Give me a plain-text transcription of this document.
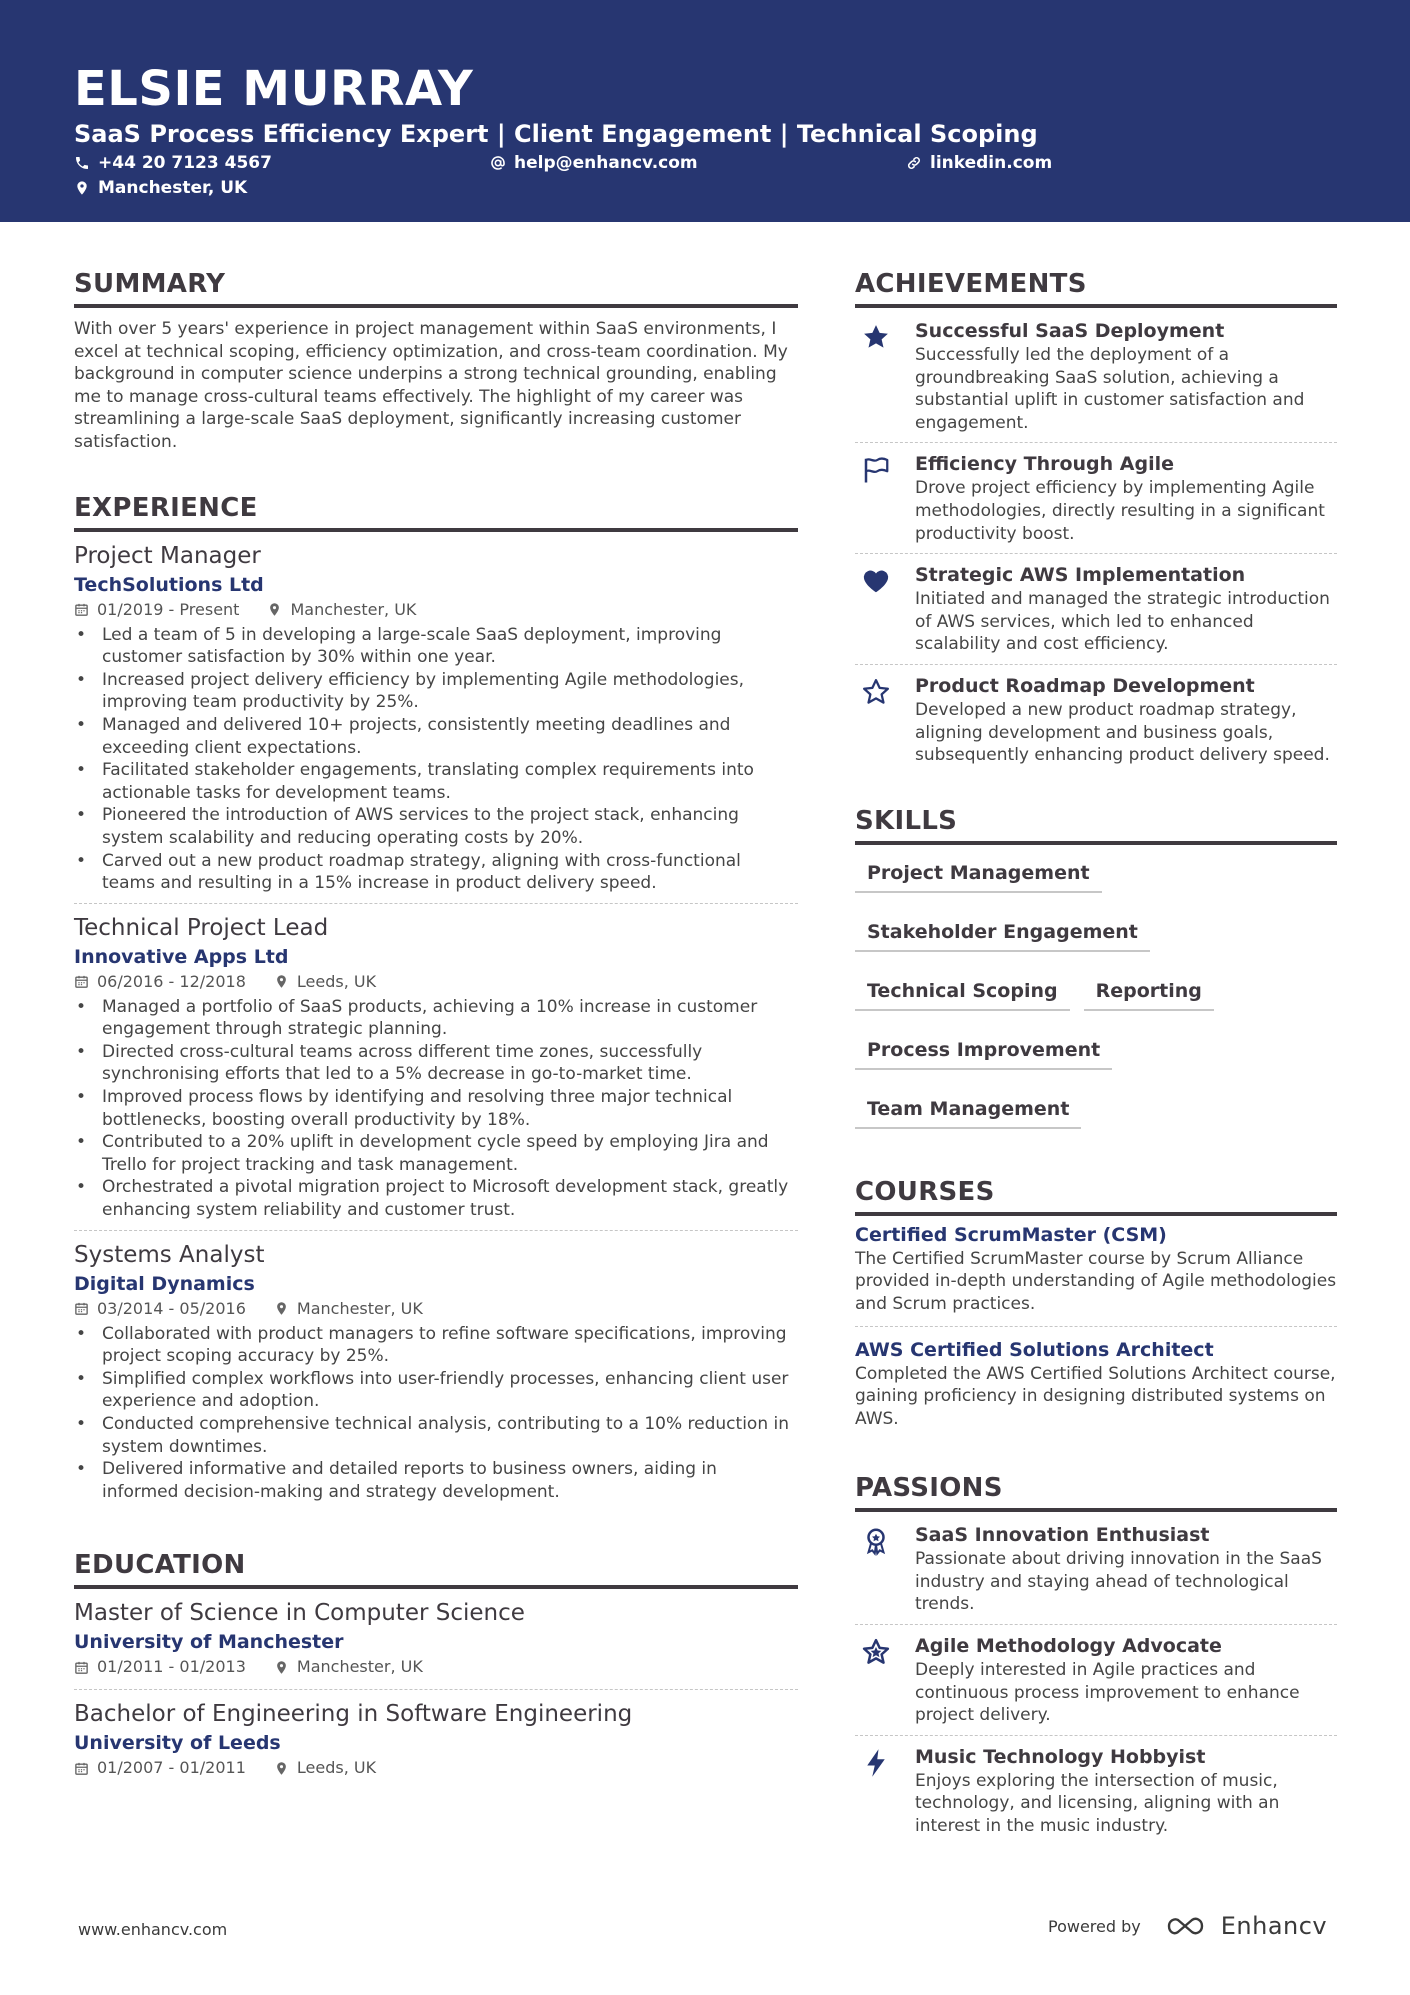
ELSIE MURRAY
SaaS Process Efficiency Expert | Client Engagement | Technical Scoping
+44 20 7123 4567	help@enhancv.com	linkedin.com
Manchester, UK
SUMMARY
With over 5 years' experience in project management within SaaS environments, I excel at technical scoping, efficiency optimization, and cross-team coordination. My background in computer science underpins a strong technical grounding, enabling me to manage cross-cultural teams effectively. The highlight of my career was streamlining a large-scale SaaS deployment, significantly increasing customer satisfaction.
EXPERIENCE
Project Manager
TechSolutions Ltd
01/2019 - Present	Manchester, UK
• Led a team of 5 in developing a large-scale SaaS deployment, improving customer satisfaction by 30% within one year.
• Increased project delivery efficiency by implementing Agile methodologies, improving team productivity by 25%.
• Managed and delivered 10+ projects, consistently meeting deadlines and exceeding client expectations.
• Facilitated stakeholder engagements, translating complex requirements into actionable tasks for development teams.
• Pioneered the introduction of AWS services to the project stack, enhancing system scalability and reducing operating costs by 20%.
• Carved out a new product roadmap strategy, aligning with cross-functional teams and resulting in a 15% increase in product delivery speed.
Technical Project Lead
Innovative Apps Ltd
06/2016 - 12/2018	Leeds, UK
• Managed a portfolio of SaaS products, achieving a 10% increase in customer engagement through strategic planning.
• Directed cross-cultural teams across different time zones, successfully synchronising efforts that led to a 5% decrease in go-to-market time.
• Improved process flows by identifying and resolving three major technical bottlenecks, boosting overall productivity by 18%.
• Contributed to a 20% uplift in development cycle speed by employing Jira and Trello for project tracking and task management.
• Orchestrated a pivotal migration project to Microsoft development stack, greatly enhancing system reliability and customer trust.
Systems Analyst
Digital Dynamics
03/2014 - 05/2016	Manchester, UK
• Collaborated with product managers to refine software specifications, improving project scoping accuracy by 25%.
• Simplified complex workflows into user-friendly processes, enhancing client user experience and adoption.
• Conducted comprehensive technical analysis, contributing to a 10% reduction in system downtimes.
• Delivered informative and detailed reports to business owners, aiding in informed decision-making and strategy development.
EDUCATION
Master of Science in Computer Science
University of Manchester
01/2011 - 01/2013	Manchester, UK
Bachelor of Engineering in Software Engineering
University of Leeds
01/2007 - 01/2011	Leeds, UK
ACHIEVEMENTS
Successful SaaS Deployment
Successfully led the deployment of a groundbreaking SaaS solution, achieving a substantial uplift in customer satisfaction and engagement.
Efficiency Through Agile
Drove project efficiency by implementing Agile methodologies, directly resulting in a significant productivity boost.
Strategic AWS Implementation
Initiated and managed the strategic introduction of AWS services, which led to enhanced scalability and cost efficiency.
Product Roadmap Development
Developed a new product roadmap strategy, aligning development and business goals, subsequently enhancing product delivery speed.
SKILLS
Project Management
Stakeholder Engagement
Technical Scoping	Reporting
Process Improvement
Team Management
COURSES
Certified ScrumMaster (CSM)
The Certified ScrumMaster course by Scrum Alliance provided in-depth understanding of Agile methodologies and Scrum practices.
AWS Certified Solutions Architect
Completed the AWS Certified Solutions Architect course, gaining proficiency in designing distributed systems on AWS.
PASSIONS
SaaS Innovation Enthusiast
Passionate about driving innovation in the SaaS industry and staying ahead of technological trends.
Agile Methodology Advocate
Deeply interested in Agile practices and continuous process improvement to enhance project delivery.
Music Technology Hobbyist
Enjoys exploring the intersection of music, technology, and licensing, aligning with an interest in the music industry.
www.enhancv.com	Powered by	Enhancv
